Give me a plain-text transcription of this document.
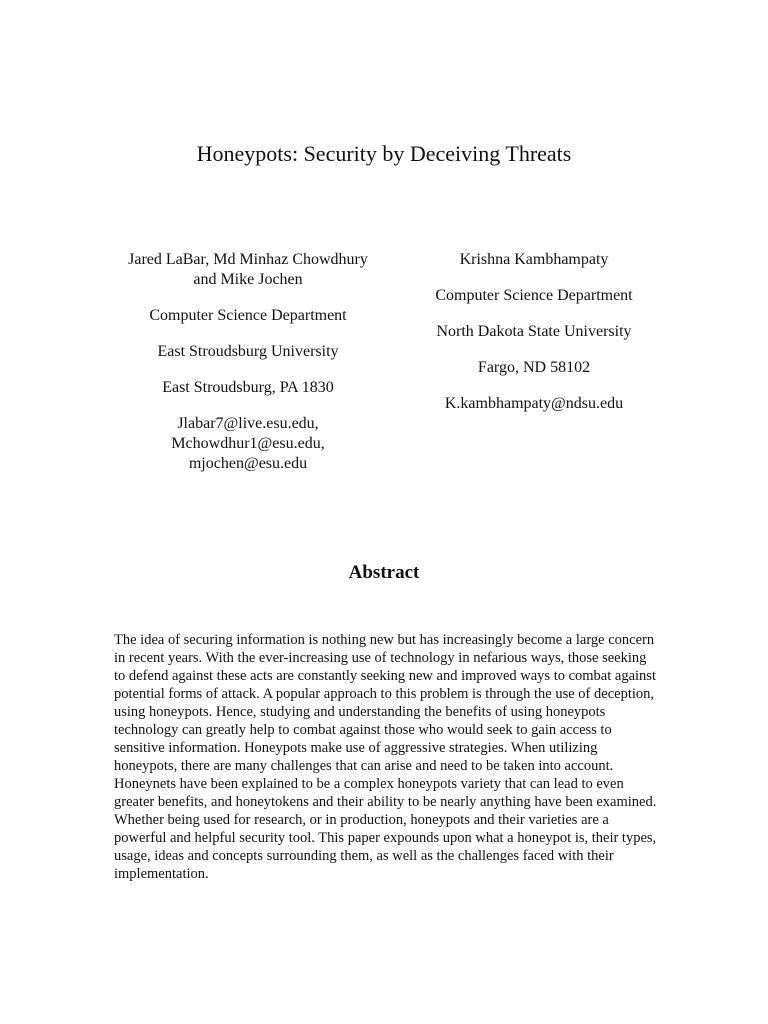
Honeypots: Security by Deceiving Threats

Jared LaBar, Md Minhaz Chowdhury and Mike Jochen

Computer Science Department

East Stroudsburg University

East Stroudsburg, PA 1830

Jlabar7@live.esu.edu, Mchowdhur1@esu.edu, mjochen@esu.edu

Krishna Kambhampaty

Computer Science Department

North Dakota State University

Fargo, ND 58102

K.kambhampaty@ndsu.edu

Abstract

The idea of securing information is nothing new but has increasingly become a large concern in recent years. With the ever-increasing use of technology in nefarious ways, those seeking to defend against these acts are constantly seeking new and improved ways to combat against potential forms of attack. A popular approach to this problem is through the use of deception, using honeypots. Hence, studying and understanding the benefits of using honeypots technology can greatly help to combat against those who would seek to gain access to sensitive information. Honeypots make use of aggressive strategies. When utilizing honeypots, there are many challenges that can arise and need to be taken into account. Honeynets have been explained to be a complex honeypots variety that can lead to even greater benefits, and honeytokens and their ability to be nearly anything have been examined. Whether being used for research, or in production, honeypots and their varieties are a powerful and helpful security tool. This paper expounds upon what a honeypot is, their types, usage, ideas and concepts surrounding them, as well as the challenges faced with their implementation.
